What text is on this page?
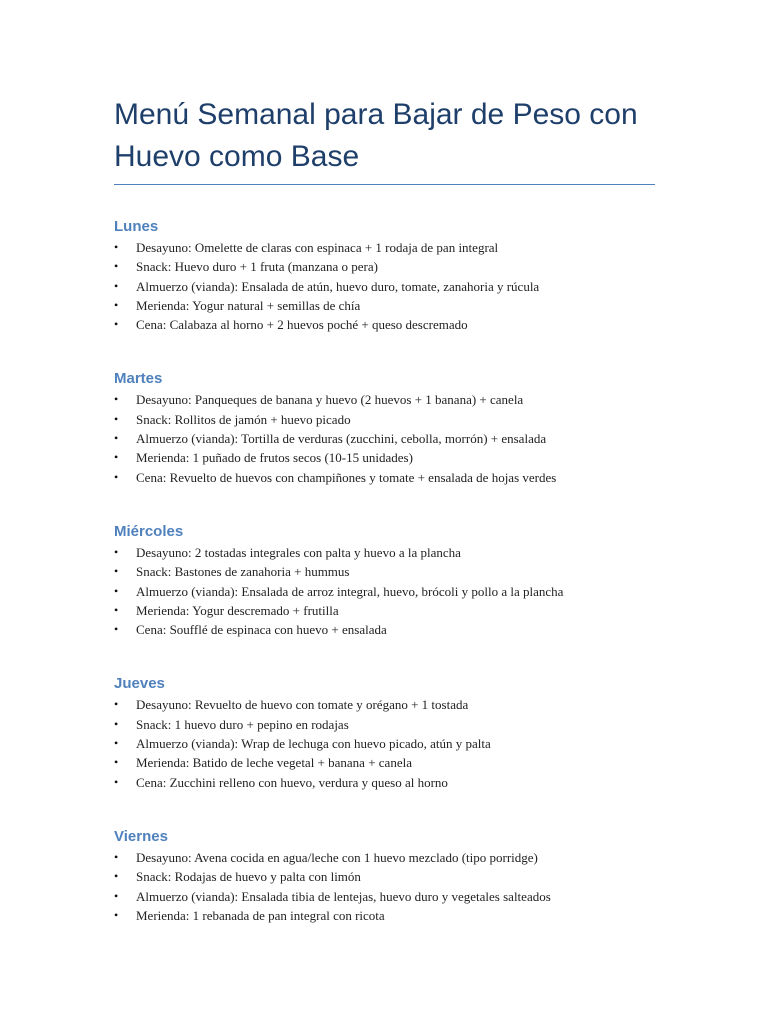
Menú Semanal para Bajar de Peso con
Huevo como Base
Lunes
• Desayuno: Omelette de claras con espinaca + 1 rodaja de pan integral
• Snack: Huevo duro + 1 fruta (manzana o pera)
• Almuerzo (vianda): Ensalada de atún, huevo duro, tomate, zanahoria y rúcula
• Merienda: Yogur natural + semillas de chía
• Cena: Calabaza al horno + 2 huevos poché + queso descremado
Martes
• Desayuno: Panqueques de banana y huevo (2 huevos + 1 banana) + canela
• Snack: Rollitos de jamón + huevo picado
• Almuerzo (vianda): Tortilla de verduras (zucchini, cebolla, morrón) + ensalada
• Merienda: 1 puñado de frutos secos (10-15 unidades)
• Cena: Revuelto de huevos con champiñones y tomate + ensalada de hojas verdes
Miércoles
• Desayuno: 2 tostadas integrales con palta y huevo a la plancha
• Snack: Bastones de zanahoria + hummus
• Almuerzo (vianda): Ensalada de arroz integral, huevo, brócoli y pollo a la plancha
• Merienda: Yogur descremado + frutilla
• Cena: Soufflé de espinaca con huevo + ensalada
Jueves
• Desayuno: Revuelto de huevo con tomate y orégano + 1 tostada
• Snack: 1 huevo duro + pepino en rodajas
• Almuerzo (vianda): Wrap de lechuga con huevo picado, atún y palta
• Merienda: Batido de leche vegetal + banana + canela
• Cena: Zucchini relleno con huevo, verdura y queso al horno
Viernes
• Desayuno: Avena cocida en agua/leche con 1 huevo mezclado (tipo porridge)
• Snack: Rodajas de huevo y palta con limón
• Almuerzo (vianda): Ensalada tibia de lentejas, huevo duro y vegetales salteados
• Merienda: 1 rebanada de pan integral con ricota
